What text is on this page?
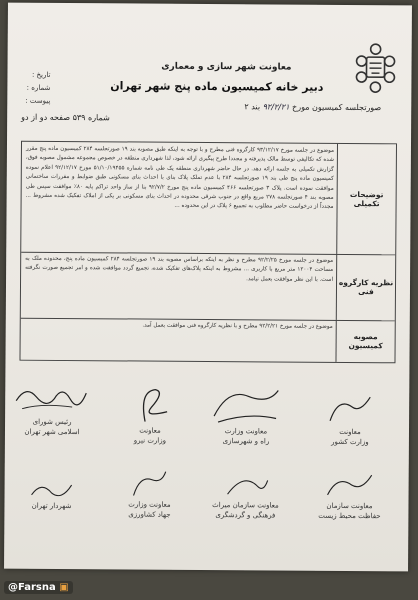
معاونت شهر سازی و معماری
دبیر خانه کمیسیون ماده پنج شهر تهران
تاریخ :
شماره :
پیوست :
صورتجلسه کمیسیون مورخ ۹۲/۲/۲۱ بند ۲
شماره ۵۳۹ صفحه دو از دو
توضیحات تکمیلی
موضوع در جلسه مورخ ۹۳/۱۲/۱۷ کارگروه فنی مطرح و با توجه به اینکه طبق مصوبه بند ۱۹ صورتجلسه ۲۸۴ کمیسیون ماده پنج مقرر شده که تکالیفی توسط مالک پذیرفته و مجددا طرح پیگیری ارائه شود، لذا شهرداری منطقه در خصوص مجموعه مشمول مصوبه فوق، گزارش تکمیلی به جلسه ارائه دهد. در حال حاضر شهرداری منطقه یک طی نامه شماره ۵۱/۱۰/۱۹۴۵۵ مورخ ۹۲/۱۲/۱۷ اعلام نموده کمیسیون ماده پنج طی بند ۱۹ صورتجلسه ۲۸۴ با عدم تملک پلاک بنای با احداث بنای مسکونی طبق ضوابط و مقررات ساختمانی موافقت نموده است. پلاک ۳ صورتجلسه ۴۶۶ کمیسیون ماده پنج مورخ ۹۲/۷/۲ بنا از ساز واحد تراکم پایه ۸۰٪ موافقت سپس طی مصوبه بند ۴ صورتجلسه ۲۷۸ مربع واقع در جنوب شرقی محدوده در احداث بنای مسکونی بر یکی از املاک تفکیک شده مشروط ... مجدداً از درخواست حاضر مطلوب به تجمیع ۶ پلاک در این محدوده ...
نظریه کارگروه فنی
موضوع در جلسه مورخ ۹۲/۲/۲۵ مطرح و نظر به اینکه براساس مصوبه بند ۱۹ صورتجلسه ۲۸۴ کمیسیون ماده پنج، محدوده ملک به مساحت ۱۲۰۰۴ متر مربع با کاربری ... مشروط به اینکه پلاک‌های تفکیک شده، تجمیع گردد موافقت شده و امر تجمیع صورت نگرفته است. با این نظر موافقت بعمل نیامد.
مصوبه کمیسیون
موضوع در جلسه مورخ ۹۲/۲/۲۱ مطرح و با نظریه کارگروه فنی موافقت بعمل آمد.
رئیس شورای
اسلامی شهر تهران	معاونت
وزارت نیرو
معاونت وزارت
راه و شهرسازی
معاونت
وزارت کشور
شهردار تهران	معاونت وزارت
جهاد کشاورزی
معاونت سازمان میراث
فرهنگی و گردشگری
معاونت سازمان
حفاظت محیط زیست
@Farsna ▣
